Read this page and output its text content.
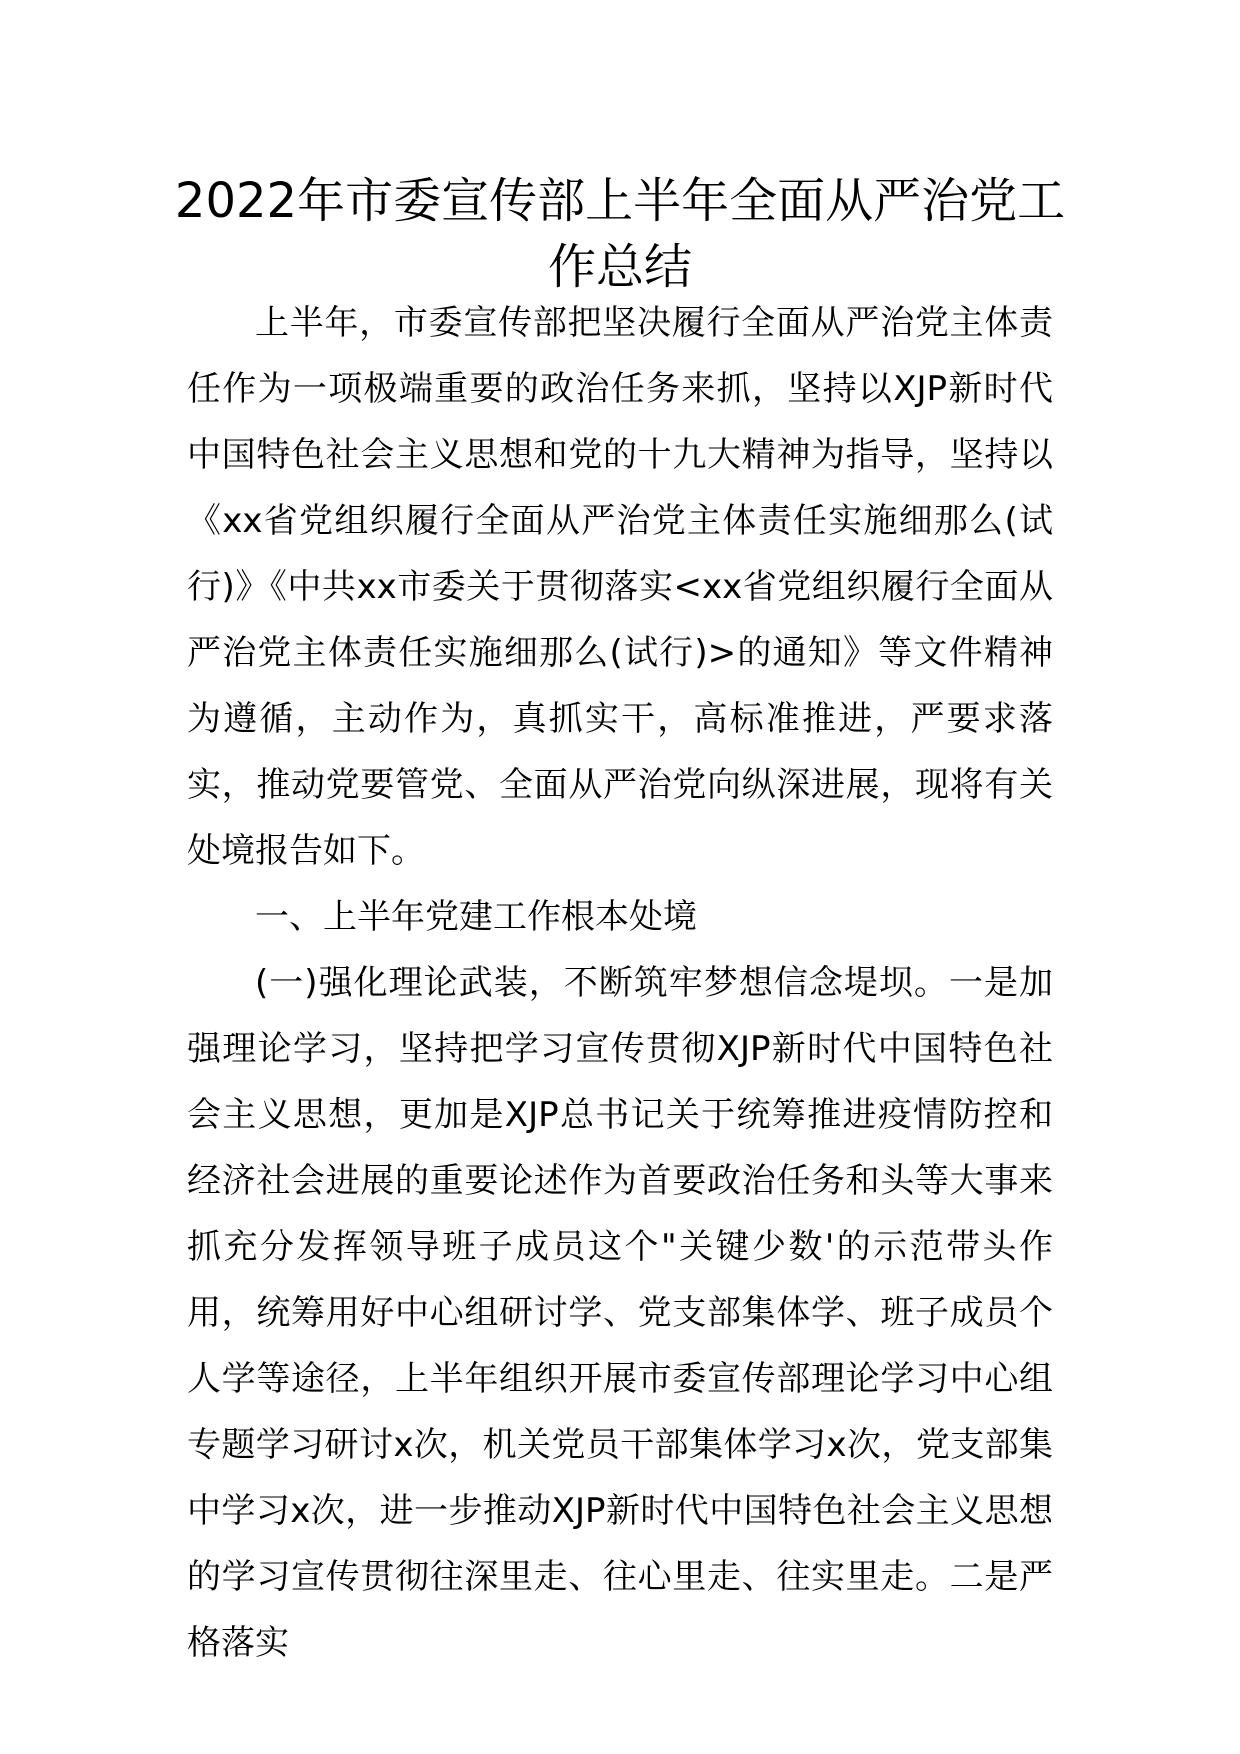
2022年市委宣传部上半年全面从严治党工
作总结

上半年，市委宣传部把坚决履行全面从严治党主体责任作为一项极端重要的政治任务来抓，坚持以XJP新时代中国特色社会主义思想和党的十九大精神为指导，坚持以《xx省党组织履行全面从严治党主体责任实施细那么(试行)》《中共xx市委关于贯彻落实<xx省党组织履行全面从严治党主体责任实施细那么(试行)>的通知》等文件精神为遵循，主动作为，真抓实干，高标准推进，严要求落实，推动党要管党、全面从严治党向纵深进展，现将有关处境报告如下。

一、上半年党建工作根本处境

(一)强化理论武装，不断筑牢梦想信念堤坝。一是加强理论学习，坚持把学习宣传贯彻XJP新时代中国特色社会主义思想，更加是XJP总书记关于统筹推进疫情防控和经济社会进展的重要论述作为首要政治任务和头等大事来抓充分发挥领导班子成员这个"关键少数'的示范带头作用，统筹用好中心组研讨学、党支部集体学、班子成员个人学等途径，上半年组织开展市委宣传部理论学习中心组专题学习研讨x次，机关党员干部集体学习x次，党支部集中学习x次，进一步推动XJP新时代中国特色社会主义思想的学习宣传贯彻往深里走、往心里走、往实里走。二是严格落实
